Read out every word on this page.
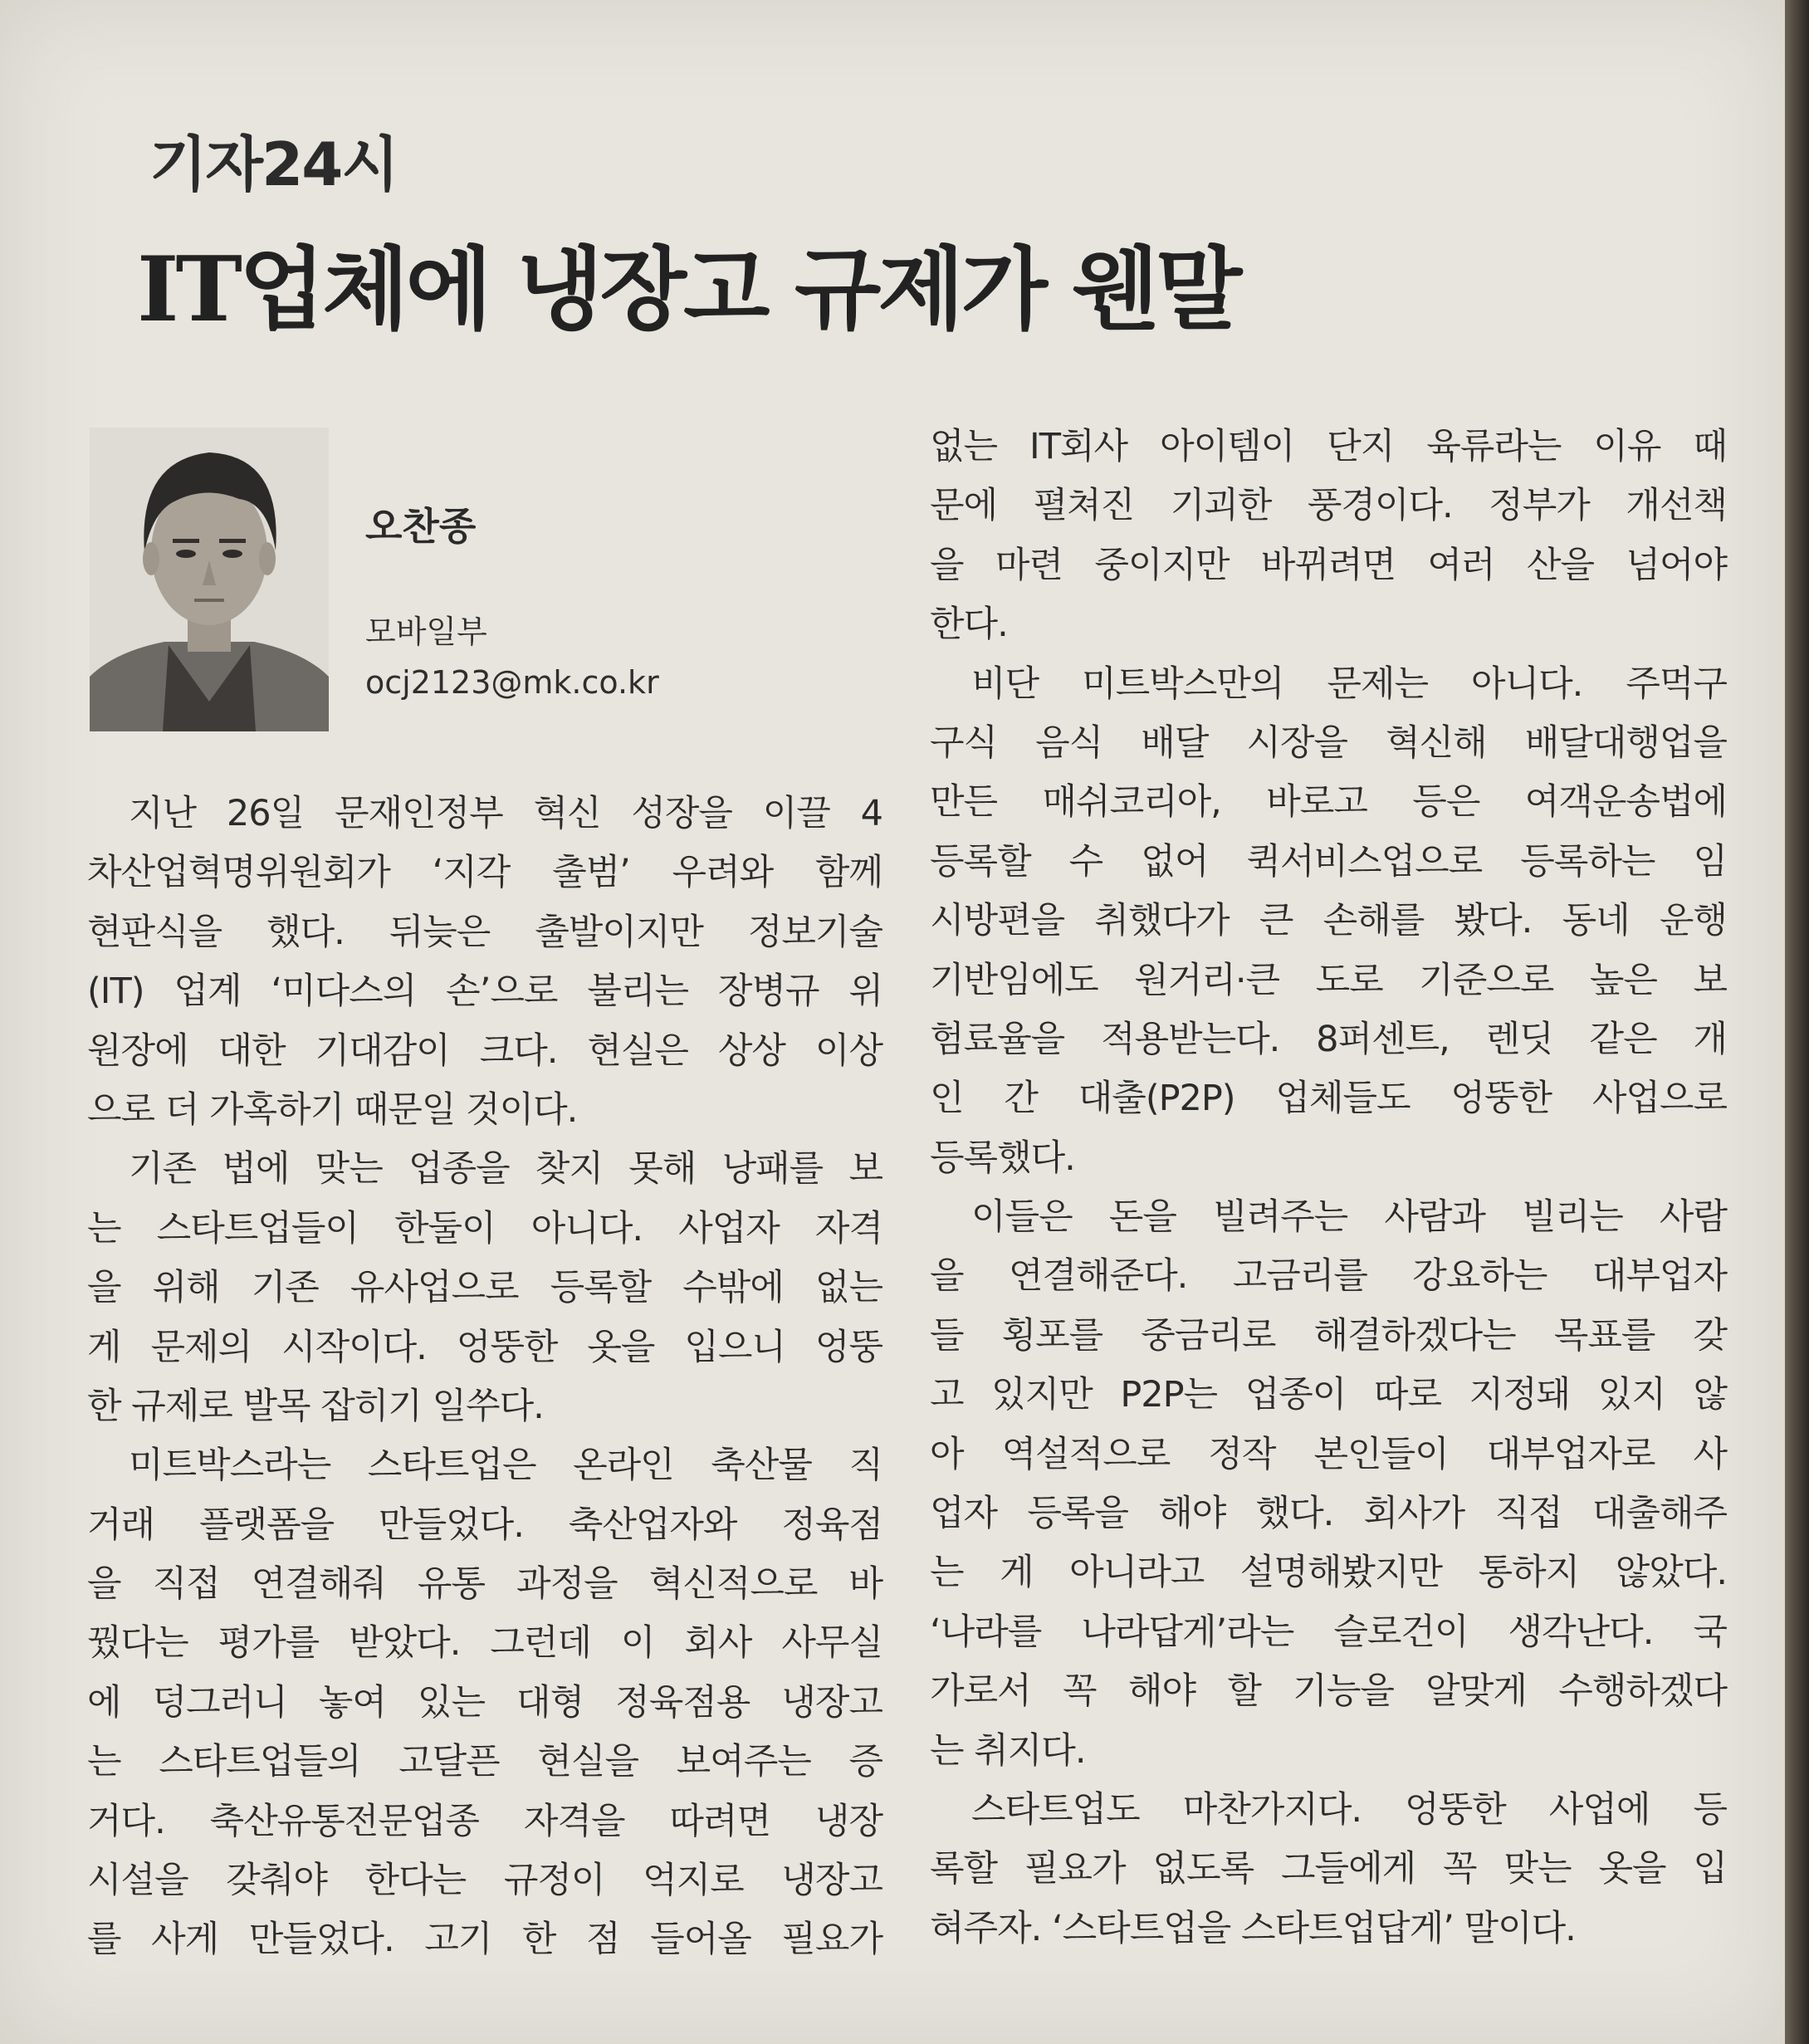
기자24시
IT업체에 냉장고 규제가 웬말
오찬종
모바일부
ocj2123@mk.co.kr
지난 26일 문재인정부 혁신 성장을 이끌 4
차산업혁명위원회가 ‘지각 출범’ 우려와 함께
현판식을 했다. 뒤늦은 출발이지만 정보기술
(IT) 업계 ‘미다스의 손’으로 불리는 장병규 위
원장에 대한 기대감이 크다. 현실은 상상 이상
으로 더 가혹하기 때문일 것이다.
기존 법에 맞는 업종을 찾지 못해 낭패를 보
는 스타트업들이 한둘이 아니다. 사업자 자격
을 위해 기존 유사업으로 등록할 수밖에 없는
게 문제의 시작이다. 엉뚱한 옷을 입으니 엉뚱
한 규제로 발목 잡히기 일쑤다.
미트박스라는 스타트업은 온라인 축산물 직
거래 플랫폼을 만들었다. 축산업자와 정육점
을 직접 연결해줘 유통 과정을 혁신적으로 바
꿨다는 평가를 받았다. 그런데 이 회사 사무실
에 덩그러니 놓여 있는 대형 정육점용 냉장고
는 스타트업들의 고달픈 현실을 보여주는 증
거다. 축산유통전문업종 자격을 따려면 냉장
시설을 갖춰야 한다는 규정이 억지로 냉장고
를 사게 만들었다. 고기 한 점 들어올 필요가
없는 IT회사 아이템이 단지 육류라는 이유 때
문에 펼쳐진 기괴한 풍경이다. 정부가 개선책
을 마련 중이지만 바뀌려면 여러 산을 넘어야
한다.
비단 미트박스만의 문제는 아니다. 주먹구
구식 음식 배달 시장을 혁신해 배달대행업을
만든 매쉬코리아, 바로고 등은 여객운송법에
등록할 수 없어 퀵서비스업으로 등록하는 임
시방편을 취했다가 큰 손해를 봤다. 동네 운행
기반임에도 원거리·큰 도로 기준으로 높은 보
험료율을 적용받는다. 8퍼센트, 렌딧 같은 개
인 간 대출(P2P) 업체들도 엉뚱한 사업으로
등록했다.
이들은 돈을 빌려주는 사람과 빌리는 사람
을 연결해준다. 고금리를 강요하는 대부업자
들 횡포를 중금리로 해결하겠다는 목표를 갖
고 있지만 P2P는 업종이 따로 지정돼 있지 않
아 역설적으로 정작 본인들이 대부업자로 사
업자 등록을 해야 했다. 회사가 직접 대출해주
는 게 아니라고 설명해봤지만 통하지 않았다.
‘나라를 나라답게’라는 슬로건이 생각난다. 국
가로서 꼭 해야 할 기능을 알맞게 수행하겠다
는 취지다.
스타트업도 마찬가지다. 엉뚱한 사업에 등
록할 필요가 없도록 그들에게 꼭 맞는 옷을 입
혀주자. ‘스타트업을 스타트업답게’ 말이다.
